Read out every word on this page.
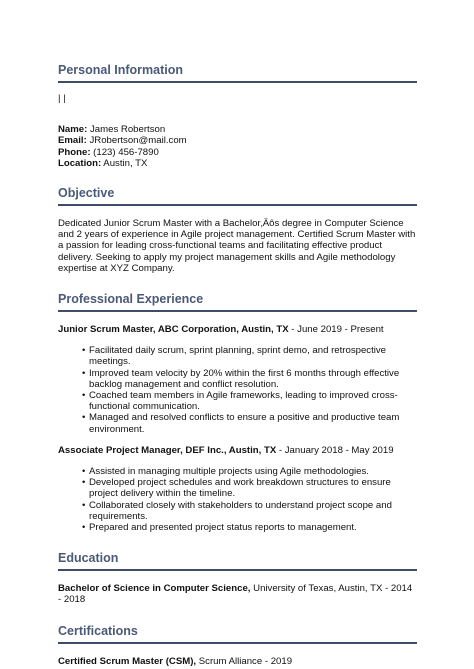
Personal Information
| |
Name: James Robertson
Email: JRobertson@mail.com
Phone: (123) 456-7890
Location: Austin, TX
Objective
Dedicated Junior Scrum Master with a Bachelor‚Äôs degree in Computer Science and 2 years of experience in Agile project management. Certified Scrum Master with a passion for leading cross-functional teams and facilitating effective product delivery. Seeking to apply my project management skills and Agile methodology expertise at XYZ Company.
Professional Experience
Junior Scrum Master, ABC Corporation, Austin, TX - June 2019 - Present
• Facilitated daily scrum, sprint planning, sprint demo, and retrospective meetings.
• Improved team velocity by 20% within the first 6 months through effective backlog management and conflict resolution.
• Coached team members in Agile frameworks, leading to improved cross-functional communication.
• Managed and resolved conflicts to ensure a positive and productive team environment.
Associate Project Manager, DEF Inc., Austin, TX - January 2018 - May 2019
• Assisted in managing multiple projects using Agile methodologies.
• Developed project schedules and work breakdown structures to ensure project delivery within the timeline.
• Collaborated closely with stakeholders to understand project scope and requirements.
• Prepared and presented project status reports to management.
Education
Bachelor of Science in Computer Science, University of Texas, Austin, TX - 2014 - 2018
Certifications
Certified Scrum Master (CSM), Scrum Alliance - 2019
